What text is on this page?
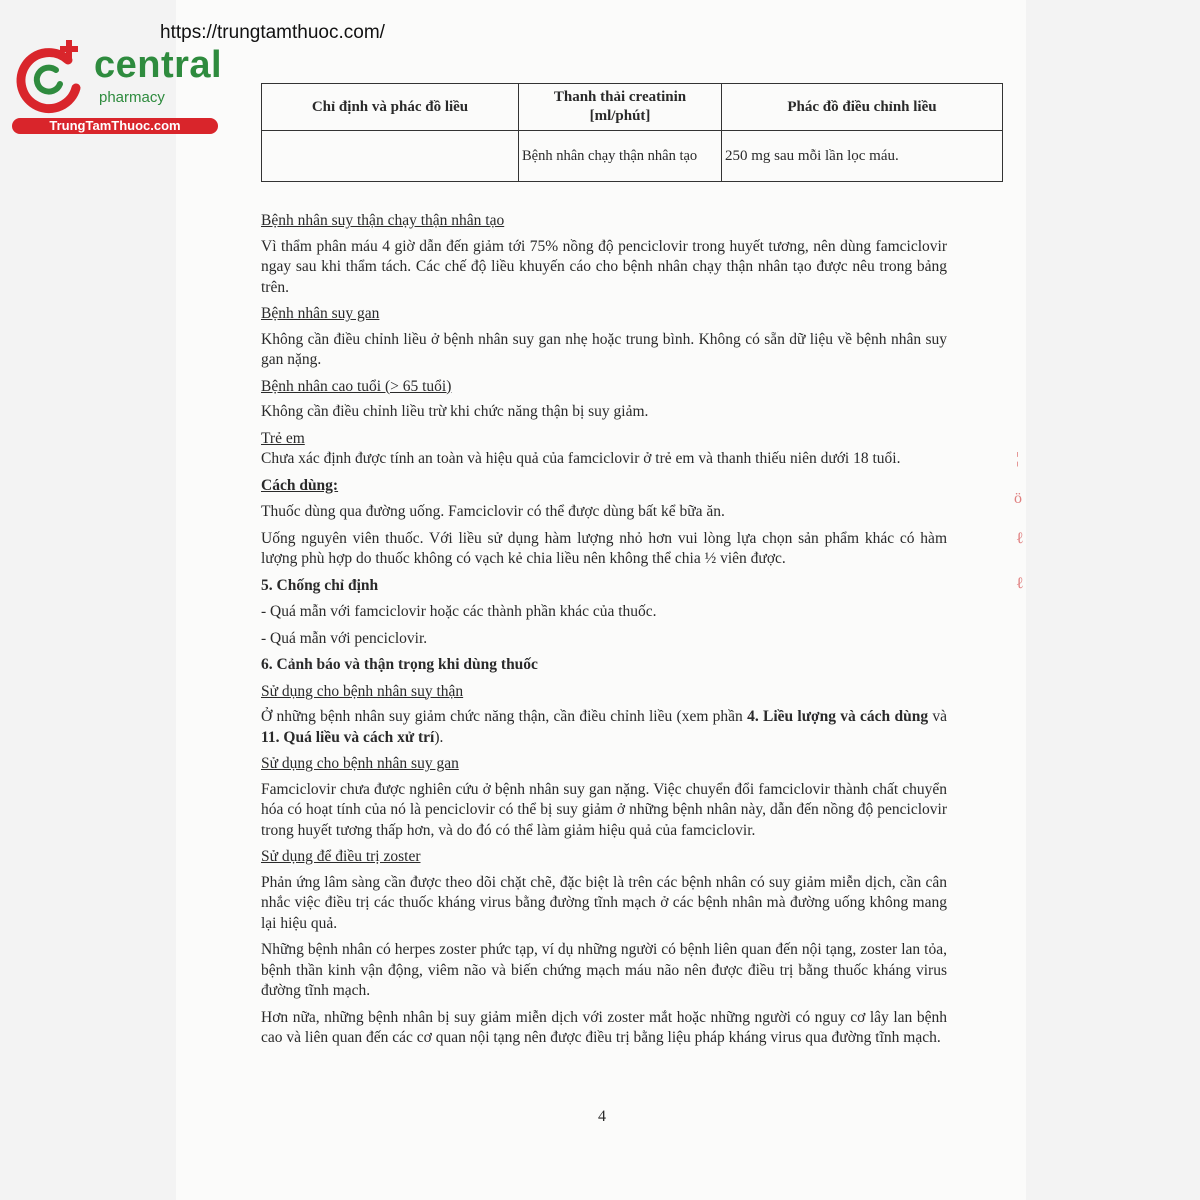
https://trungtamthuoc.com/
central
pharmacy
TrungTamThuoc.com
Chỉ định và phác đồ liều	Thanh thải creatinin [ml/phút]	Phác đồ điều chỉnh liều
	Bệnh nhân chạy thận nhân tạo	250 mg sau mỗi lần lọc máu.

Bệnh nhân suy thận chạy thận nhân tạo

Vì thẩm phân máu 4 giờ dẫn đến giảm tới 75% nồng độ penciclovir trong huyết tương, nên dùng famciclovir ngay sau khi thẩm tách. Các chế độ liều khuyến cáo cho bệnh nhân chạy thận nhân tạo được nêu trong bảng trên.

Bệnh nhân suy gan

Không cần điều chỉnh liều ở bệnh nhân suy gan nhẹ hoặc trung bình. Không có sẵn dữ liệu về bệnh nhân suy gan nặng.

Bệnh nhân cao tuổi (> 65 tuổi)

Không cần điều chỉnh liều trừ khi chức năng thận bị suy giảm.

Trẻ em

Chưa xác định được tính an toàn và hiệu quả của famciclovir ở trẻ em và thanh thiếu niên dưới 18 tuổi.

Cách dùng:

Thuốc dùng qua đường uống. Famciclovir có thể được dùng bất kể bữa ăn.

Uống nguyên viên thuốc. Với liều sử dụng hàm lượng nhỏ hơn vui lòng lựa chọn sản phẩm khác có hàm lượng phù hợp do thuốc không có vạch kẻ chia liều nên không thể chia ½ viên được.

5. Chống chỉ định

- Quá mẫn với famciclovir hoặc các thành phần khác của thuốc.

- Quá mẫn với penciclovir.

6. Cảnh báo và thận trọng khi dùng thuốc

Sử dụng cho bệnh nhân suy thận

Ở những bệnh nhân suy giảm chức năng thận, cần điều chỉnh liều (xem phần 4. Liều lượng và cách dùng và 11. Quá liều và cách xử trí).

Sử dụng cho bệnh nhân suy gan

Famciclovir chưa được nghiên cứu ở bệnh nhân suy gan nặng. Việc chuyển đổi famciclovir thành chất chuyển hóa có hoạt tính của nó là penciclovir có thể bị suy giảm ở những bệnh nhân này, dẫn đến nồng độ penciclovir trong huyết tương thấp hơn, và do đó có thể làm giảm hiệu quả của famciclovir.

Sử dụng để điều trị zoster

Phản ứng lâm sàng cần được theo dõi chặt chẽ, đặc biệt là trên các bệnh nhân có suy giảm miễn dịch, cần cân nhắc việc điều trị các thuốc kháng virus bằng đường tĩnh mạch ở các bệnh nhân mà đường uống không mang lại hiệu quả.

Những bệnh nhân có herpes zoster phức tạp, ví dụ những người có bệnh liên quan đến nội tạng, zoster lan tỏa, bệnh thần kinh vận động, viêm não và biến chứng mạch máu não nên được điều trị bằng thuốc kháng virus đường tĩnh mạch.

Hơn nữa, những bệnh nhân bị suy giảm miễn dịch với zoster mắt hoặc những người có nguy cơ lây lan bệnh cao và liên quan đến các cơ quan nội tạng nên được điều trị bằng liệu pháp kháng virus qua đường tĩnh mạch.

4
¦
ö
ℓ
ℓ
